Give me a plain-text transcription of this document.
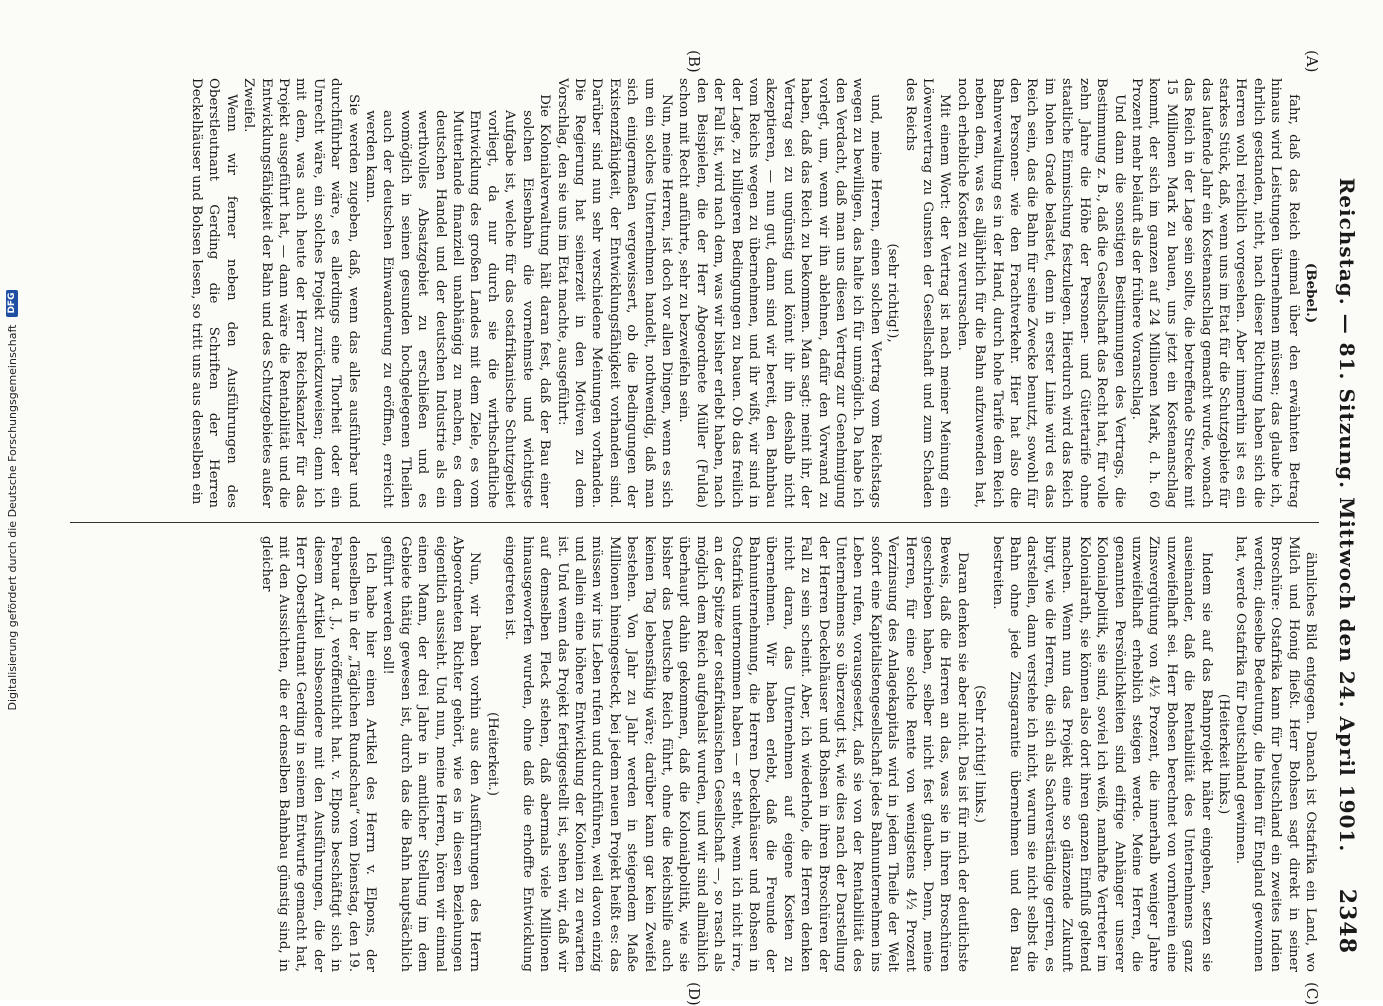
Reichstag. — 81. Sitzung. Mittwoch den 24. April 1901.
2348
(A)
(B)
(C)
(D)
(Bebel.)

fahr, daß das Reich einmal über den erwähnten Betrag hinaus wird Leistungen übernehmen müssen; das glaube ich, ehrlich gestanden, nicht, nach dieser Richtung haben sich die Herren wohl reichlich vorgesehen. Aber immerhin ist es ein starkes Stück, daß, wenn uns im Etat für die Schutzgebiete für das laufende Jahr ein Kostenanschlag gemacht wurde, wonach das Reich in der Lage sein sollte, die betreffende Strecke mit 15 Millionen Mark zu bauen, uns jetzt ein Kostenanschlag kommt, der sich im ganzen auf 24 Millionen Mark, d. h. 60 Prozent mehr beläuft als der frühere Voranschlag.

Und dann die sonstigen Bestimmungen des Vertrags, die Bestimmung z. B., daß die Gesellschaft das Recht hat, für volle zehn Jahre die Höhe der Personen- und Gütertarife ohne staatliche Einmischung festzulegen. Hierdurch wird das Reich im hohen Grade belastet, denn in erster Linie wird es das Reich sein, das die Bahn für seine Zwecke benutzt, sowohl für den Personen- wie den Frachtverkehr. Hier hat also die Bahnverwaltung es in der Hand, durch hohe Tarife dem Reich neben dem, was es alljährlich für die Bahn aufzuwenden hat, noch erhebliche Kosten zu verursachen.

Mit einem Wort: der Vertrag ist nach meiner Meinung ein Löwenvertrag zu Gunsten der Gesellschaft und zum Schaden des Reichs

(sehr richtig!),

und, meine Herren, einen solchen Vertrag vom Reichstags wegen zu bewilligen, das halte ich für unmöglich. Da habe ich den Verdacht, daß man uns diesen Vertrag zur Genehmigung vorlegt, um, wenn wir ihn ablehnen, dafür den Vorwand zu haben, daß das Reich zu bekommen. Man sagt: meint ihr, der Vertrag sei zu ungünstig und könnt ihr ihn deshalb nicht akzeptieren, — nun gut, dann sind wir bereit, den Bahnbau vom Reichs wegen zu übernehmen, und ihr wißt, wir sind in der Lage, zu billigeren Bedingungen zu bauen. Ob das freilich der Fall ist, wird nach dem, was wir bisher erlebt haben, nach den Beispielen, die der Herr Abgeordnete Müller (Fulda) schon mit Recht anführte, sehr zu bezweifeln sein.

Nun, meine Herren, ist doch vor allen Dingen, wenn es sich um ein solches Unternehmen handelt, nothwendig, daß man sich einigermaßen vergewissert, ob die Bedingungen der Existenzfähigkeit, der Entwicklungsfähigkeit vorhanden sind. Darüber sind nun sehr verschiedene Meinungen vorhanden. Die Regierung hat seinerzeit in den Motiven zu dem Vorschlag, den sie uns im Etat machte, ausgeführt:

Die Kolonialverwaltung hält daran fest, daß der Bau einer solchen Eisenbahn die vornehmste und wichtigste Aufgabe ist, welche für das ostafrikanische Schutzgebiet vorliegt, da nur durch sie die wirthschaftliche Entwicklung des großen Landes mit dem Ziele, es vom Mutterlande finanziell unabhängig zu machen, es dem deutschen Handel und der deutschen Industrie als ein werthvolles Absatzgebiet zu erschließen und es womöglich in seinen gesunden hochgelegenen Theilen auch der deutschen Einwanderung zu eröffnen, erreicht werden kann.

Sie werden zugeben, daß, wenn das alles ausführbar und durchführbar wäre, es allerdings eine Thorheit oder ein Unrecht wäre, ein solches Projekt zurückzuweisen; denn ich mit dem, was auch heute der Herr Reichskanzler für das Projekt ausgeführt hat, — dann wäre die Rentabilität und die Entwicklungsfähigkeit der Bahn und des Schutzgebietes außer Zweifel.

Wenn wir ferner neben den Ausführungen des Oberstleutnant Gerding die Schriften der Herren Deckelhäuser und Bohsen lesen, so tritt uns aus denselben ein

ähnliches Bild entgegen. Danach ist Ostafrika ein Land, wo Milch und Honig fließt. Herr Bohsen sagt direkt in seiner Broschüre: Ostafrika kann für Deutschland ein zweites Indien werden; dieselbe Bedeutung, die Indien für England gewonnen hat, werde Ostafrika für Deutschland gewinnen.

(Heiterkeit links.)

Indem sie auf das Bahnprojekt näher eingehen, setzen sie auseinander, daß die Rentabilität des Unternehmens ganz unzweifelhaft sei. Herr Bohsen berechnet von vornherein eine Zinsvergütung von 4½ Prozent, die innerhalb weniger Jahre unzweifelhaft erheblich steigen werde. Meine Herren, die genannten Persönlichkeiten sind eifrige Anhänger unserer Kolonialpolitik, sie sind, soviel ich weiß, namhafte Vertreter im Kolonialrath, sie können also dort ihren ganzen Einfluß geltend machen. Wenn nun das Projekt eine so glänzende Zukunft birgt, wie die Herren, die sich als Sachverständige geriren, es darstellen, dann verstehe ich nicht, warum sie nicht selbst die Bahn ohne jede Zinsgarantie übernehmen und den Bau bestreiten.

(Sehr richtig! links.)

Daran denken sie aber nicht. Das ist für mich der deutlichste Beweis, daß die Herren an das, was sie in ihren Broschüren geschrieben haben, selber nicht fest glauben. Denn, meine Herren, für eine solche Rente von wenigstens 4½ Prozent Verzinsung des Anlagekapitals wird in jedem Theile der Welt sofort eine Kapitalistengesellschaft jedes Bahnunternehmen ins Leben rufen, vorausgesetzt, daß sie von der Rentabilität des Unternehmens so überzeugt ist, wie dies nach der Darstellung der Herren Deckelhäuser und Bohsen in ihren Broschüren der Fall zu sein scheint. Aber, ich wiederhole, die Herren denken nicht daran, das Unternehmen auf eigene Kosten zu übernehmen. Wir haben erlebt, daß die Freunde der Bahnunternehmung, die Herren Deckelhäuser und Bohsen in Ostafrika unternommen haben — er steht, wenn ich nicht irre, an der Spitze der ostafrikanischen Gesellschaft —, so rasch als möglich dem Reich aufgehalst wurden, und wir sind allmählich überhaupt dahin gekommen, daß die Kolonialpolitik, wie sie bisher das Deutsche Reich führt, ohne die Reichshilfe auch keinen Tag lebensfähig wäre; darüber kann gar kein Zweifel bestehen. Von Jahr zu Jahr werden in steigendem Maße Millionen hineingesteckt, bei jedem neuen Projekt heißt es: das müssen wir ins Leben rufen und durchführen, weil davon einzig und allein eine höhere Entwicklung der Kolonien zu erwarten ist. Und wenn das Projekt fertiggestellt ist, sehen wir, daß wir auf demselben Fleck stehen, daß abermals viele Millionen hinausgeworfen wurden, ohne daß die erhoffte Entwicklung eingetreten ist.

(Heiterkeit.)

Nun, wir haben vorhin aus den Ausführungen des Herrn Abgeordneten Richter gehört, wie es in diesen Beziehungen eigentlich aussieht. Und nun, meine Herren, hören wir einmal einen Mann, der drei Jahre in amtlicher Stellung im dem Gebiete thätig gewesen ist, durch das die Bahn hauptsächlich geführt werden soll!

Ich habe hier einen Artikel des Herrn v. Elpons, der denselben in der „Täglichen Rundschau“ vom Dienstag, den 19. Februar d. J., veröffentlicht hat. v. Elpons beschäftigt sich in diesem Artikel insbesondere mit den Ausführungen, die der Herr Oberstleutnant Gerding in seinem Entwurfe gemacht hat, mit den Aussichten, die er denselben Bahnbau günstig sind, in gleicher

Digitalisierung gefördert durch die Deutsche Forschungsgemeinschaft
DFG
